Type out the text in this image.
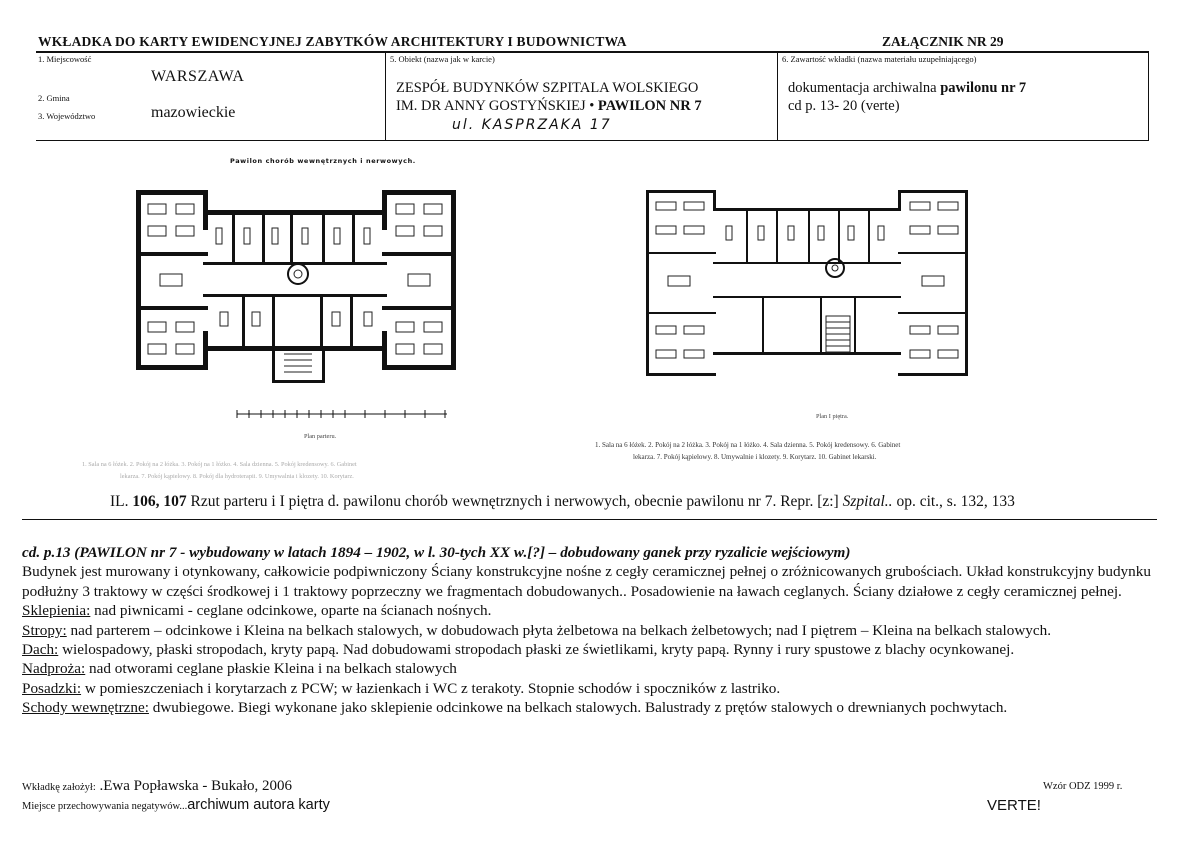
WKŁADKA DO KARTY EWIDENCYJNEJ ZABYTKÓW ARCHITEKTURY I BUDOWNICTWA	ZAŁĄCZNIK NR 29
1. Miejscowość
WARSZAWA
2. Gmina
3. Województwo	mazowieckie
5. Obiekt (nazwa jak w karcie)
ZESPÓŁ BUDYNKÓW SZPITALA WOLSKIEGO
IM. DR ANNY GOSTYŃSKIEJ • PAWILON NR 7
ul. KASPRZAKA 17
6. Zawartość wkładki (nazwa materiału uzupełniającego)
dokumentacja archiwalna pawilonu nr 7
cd p. 13- 20 (verte)
Pawilon chorób wewnętrznych i nerwowych.
Plan parteru.
1. Sala na 6 łóżek. 2. Pokój na 2 łóżka. 3. Pokój na 1 łóżko. 4. Sala dzienna. 5. Pokój kredensowy. 6. Gabinet
lekarza. 7. Pokój kąpielowy. 8. Pokój dla hydroterapii. 9. Umywalnia i klozety. 10. Korytarz.
Plan I piętra.
1. Sala na 6 łóżek. 2. Pokój na 2 łóżka. 3. Pokój na 1 łóżko. 4. Sala dzienna. 5. Pokój kredensowy. 6. Gabinet
lekarza. 7. Pokój kąpielowy. 8. Umywalnie i klozety. 9. Korytarz. 10. Gabinet lekarski.
IL. 106, 107 Rzut parteru i I piętra d. pawilonu chorób wewnętrznych i nerwowych, obecnie pawilonu nr 7. Repr. [z:] Szpital.. op. cit., s. 132, 133

cd. p.13 (PAWILON nr 7 - wybudowany w latach 1894 – 1902, w l. 30-tych XX w.[?] – dobudowany ganek przy ryzalicie wejściowym)

Budynek jest murowany i otynkowany, całkowicie podpiwniczony Ściany konstrukcyjne nośne z cegły ceramicznej pełnej o zróżnicowanych grubościach. Układ konstrukcyjny budynku podłużny 3 traktowy w części środkowej i 1 traktowy poprzeczny we fragmentach dobudowanych.. Posadowienie na ławach ceglanych. Ściany działowe z cegły ceramicznej pełnej.

Sklepienia: nad piwnicami - ceglane odcinkowe, oparte na ścianach nośnych.

Stropy: nad parterem – odcinkowe i Kleina na belkach stalowych, w dobudowach płyta żelbetowa na belkach żelbetowych; nad I piętrem – Kleina na belkach stalowych.

Dach: wielospadowy, płaski stropodach, kryty papą. Nad dobudowami stropodach płaski ze świetlikami, kryty papą. Rynny i rury spustowe z blachy ocynkowanej.

Nadproża: nad otworami ceglane płaskie Kleina i na belkach stalowych

Posadzki: w pomieszczeniach i korytarzach z PCW; w łazienkach i WC z terakoty. Stopnie schodów i spoczników z lastriko.

Schody wewnętrzne: dwubiegowe. Biegi wykonane jako sklepienie odcinkowe na belkach stalowych. Balustrady z prętów stalowych o drewnianych pochwytach.

Wkładkę założył: .Ewa Popławska - Bukało, 2006
Miejsce przechowywania negatywów...archiwum autora karty
Wzór ODZ 1999 r.
VERTE!
